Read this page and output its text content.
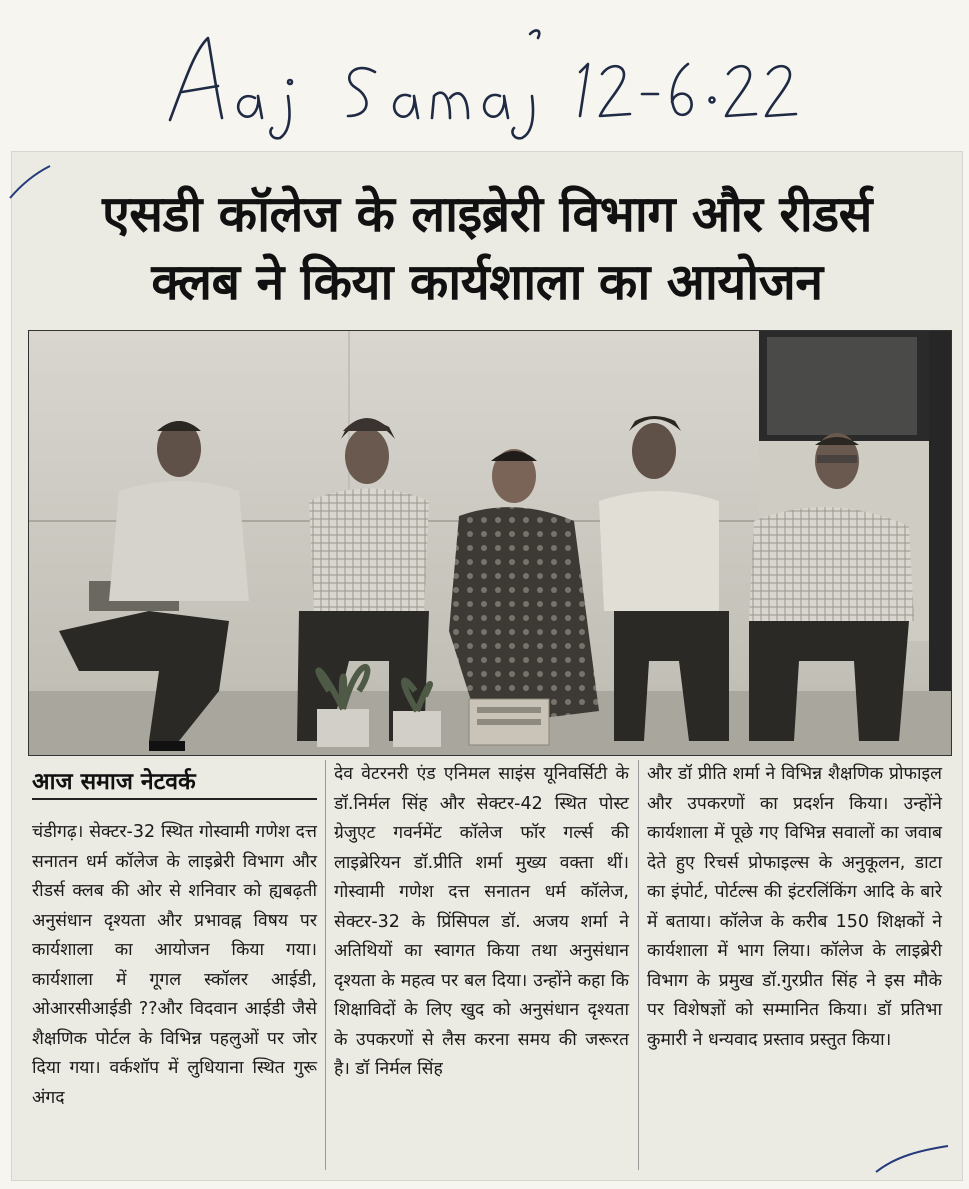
एसडी कॉलेज के लाइब्रेरी विभाग और रीडर्स
क्लब ने किया कार्यशाला का आयोजन
आज समाज नेटवर्क

चंडीगढ़। सेक्टर-32 स्थित गोस्वामी गणेश दत्त सनातन धर्म कॉलेज के लाइब्रेरी विभाग और रीडर्स क्लब की ओर से शनिवार को ह्यबढ़ती अनुसंधान दृश्यता और प्रभावह्न विषय पर कार्यशाला का आयोजन किया गया। कार्यशाला में गूगल स्कॉलर आईडी, ओआरसीआईडी ??और विदवान आईडी जैसे शैक्षणिक पोर्टल के विभिन्न पहलुओं पर जोर दिया गया। वर्कशॉप में लुधियाना स्थित गुरू अंगद

देव वेटरनरी एंड एनिमल साइंस यूनिवर्सिटी के डॉ.निर्मल सिंह और सेक्टर-42 स्थित पोस्ट ग्रेजुएट गवर्नमेंट कॉलेज फॉर गर्ल्स की लाइब्रेरियन डॉ.प्रीति शर्मा मुख्य वक्ता थीं। गोस्वामी गणेश दत्त सनातन धर्म कॉलेज, सेक्टर-32 के प्रिंसिपल डॉ. अजय शर्मा ने अतिथियों का स्वागत किया तथा अनुसंधान दृश्यता के महत्व पर बल दिया। उन्होंने कहा कि शिक्षाविदों के लिए खुद को अनुसंधान दृश्यता के उपकरणों से लैस करना समय की जरूरत है। डॉ निर्मल सिंह

और डॉ प्रीति शर्मा ने विभिन्न शैक्षणिक प्रोफाइल और उपकरणों का प्रदर्शन किया। उन्होंने कार्यशाला में पूछे गए विभिन्न सवालों का जवाब देते हुए रिचर्स प्रोफाइल्स के अनुकूलन, डाटा का इंपोर्ट, पोर्टल्स की इंटरलिंकिंग आदि के बारे में बताया। कॉलेज के करीब 150 शिक्षकों ने कार्यशाला में भाग लिया। कॉलेज के लाइब्रेरी विभाग के प्रमुख डॉ.गुरप्रीत सिंह ने इस मौके पर विशेषज्ञों को सम्मानित किया। डॉ प्रतिभा कुमारी ने धन्यवाद प्रस्ताव प्रस्तुत किया।
